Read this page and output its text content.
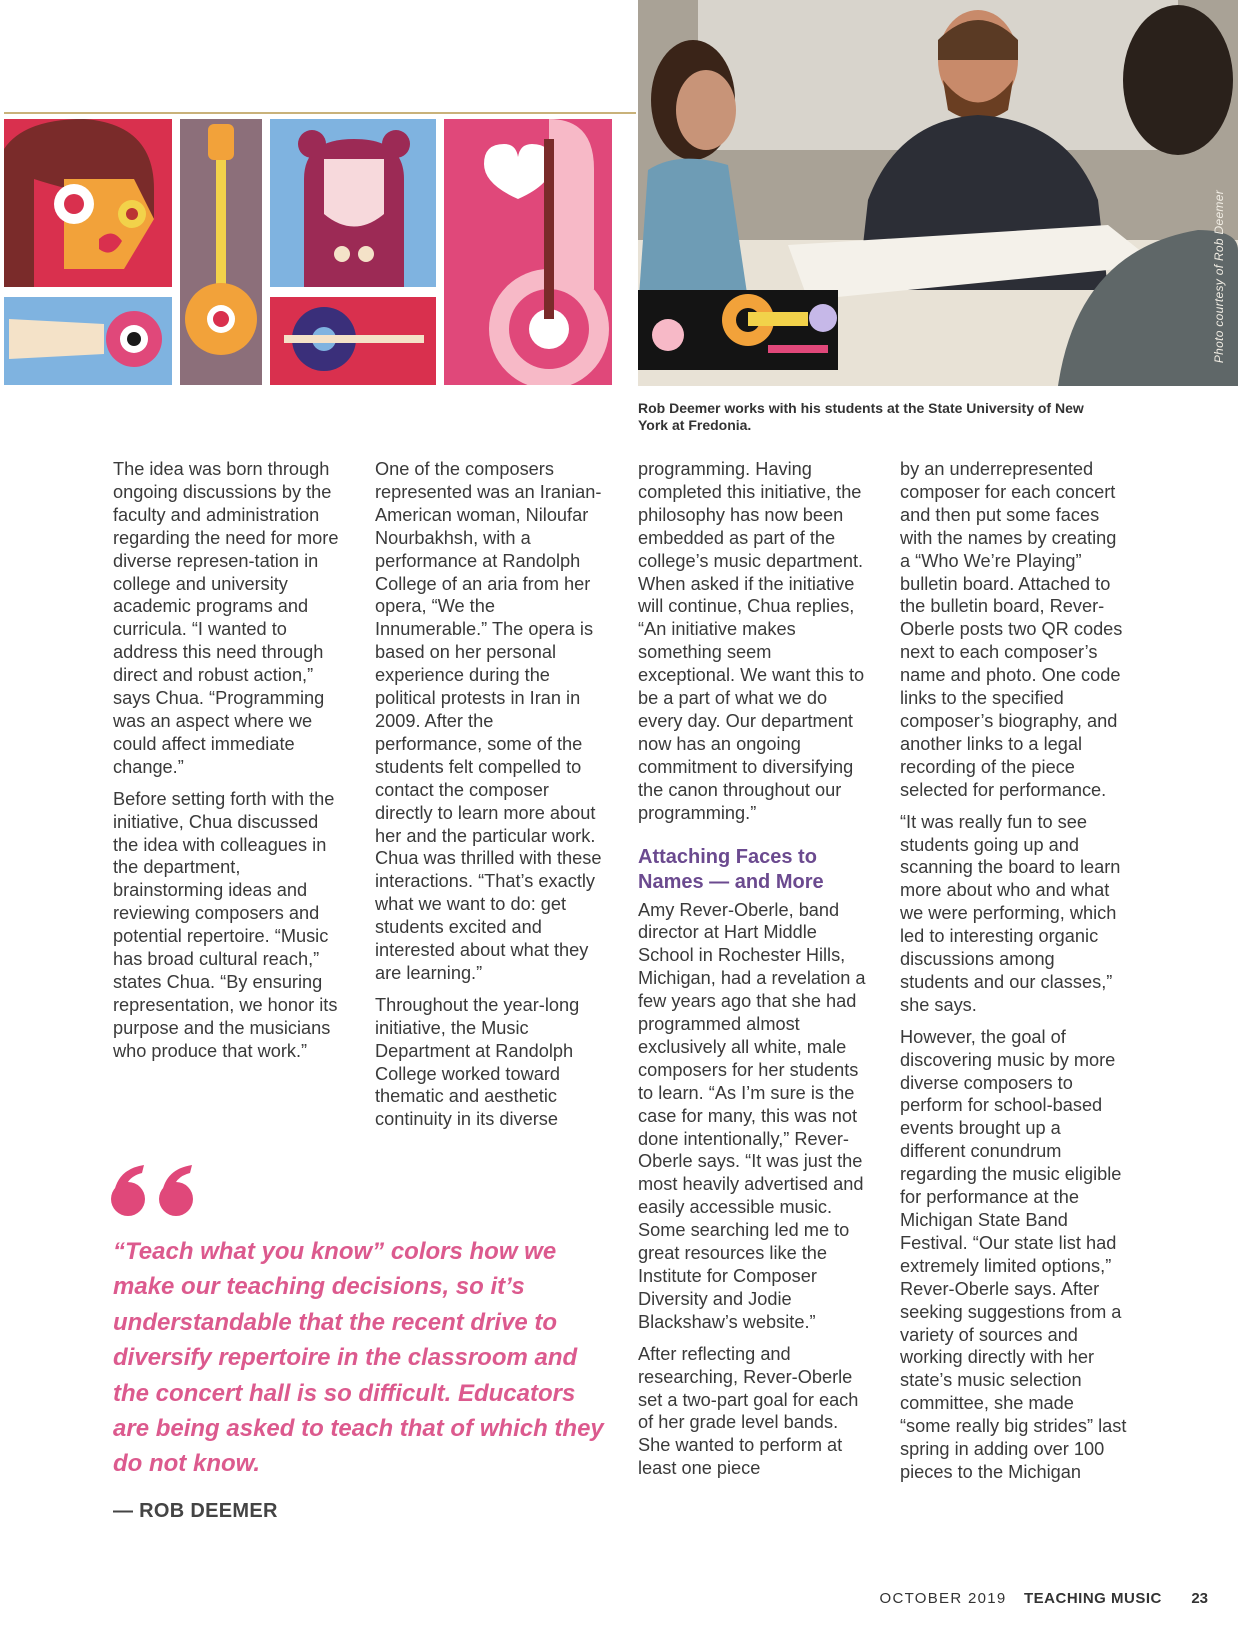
Photo courtesy of Rob Deemer
Rob Deemer works with his students at the State University of New York at Fredonia.

The idea was born through ongoing discussions by the faculty and administration regarding the need for more diverse represen-tation in college and university academic programs and curricula. “I wanted to address this need through direct and robust action,” says Chua. “Programming was an aspect where we could affect immediate change.”

Before setting forth with the initiative, Chua discussed the idea with colleagues in the department, brainstorming ideas and reviewing composers and potential repertoire. “Music has broad cultural reach,” states Chua. “By ensuring representation, we honor its purpose and the musicians who produce that work.”

One of the composers represented was an Iranian-American woman, Niloufar Nourbakhsh, with a performance at Randolph College of an aria from her opera, “We the Innumerable.” The opera is based on her personal experience during the political protests in Iran in 2009. After the performance, some of the students felt compelled to contact the composer directly to learn more about her and the particular work. Chua was thrilled with these interactions. “That’s exactly what we want to do: get students excited and interested about what they are learning.”

Throughout the year-long initiative, the Music Department at Randolph College worked toward thematic and aesthetic continuity in its diverse

programming. Having completed this initiative, the philosophy has now been embedded as part of the college’s music department. When asked if the initiative will continue, Chua replies, “An initiative makes something seem exceptional. We want this to be a part of what we do every day. Our department now has an ongoing commitment to diversifying the canon throughout our programming.”

Attaching Faces to Names — and More

Amy Rever-Oberle, band director at Hart Middle School in Rochester Hills, Michigan, had a revelation a few years ago that she had programmed almost exclusively all white, male composers for her students to learn. “As I’m sure is the case for many, this was not done intentionally,” Rever-Oberle says. “It was just the most heavily advertised and easily accessible music. Some searching led me to great resources like the Institute for Composer Diversity and Jodie Blackshaw’s website.”

After reflecting and researching, Rever-Oberle set a two-part goal for each of her grade level bands. She wanted to perform at least one piece

by an underrepresented composer for each concert and then put some faces with the names by creating a “Who We’re Playing” bulletin board. Attached to the bulletin board, Rever-Oberle posts two QR codes next to each composer’s name and photo. One code links to the specified composer’s biography, and another links to a legal recording of the piece selected for performance.

“It was really fun to see students going up and scanning the board to learn more about who and what we were performing, which led to interesting organic discussions among students and our classes,” she says.

However, the goal of discovering music by more diverse composers to perform for school-based events brought up a different conundrum regarding the music eligible for performance at the Michigan State Band Festival. “Our state list had extremely limited options,” Rever-Oberle says. After seeking suggestions from a variety of sources and working directly with her state’s music selection committee, she made “some really big strides” last spring in adding over 100 pieces to the Michigan

“Teach what you know” colors how we make our teaching decisions, so it’s understandable that the recent drive to diversify repertoire in the classroom and the concert hall is so difficult. Educators are being asked to teach that of which they do not know.
— ROB DEEMER
OCTOBER 2019 TEACHING MUSIC 23
